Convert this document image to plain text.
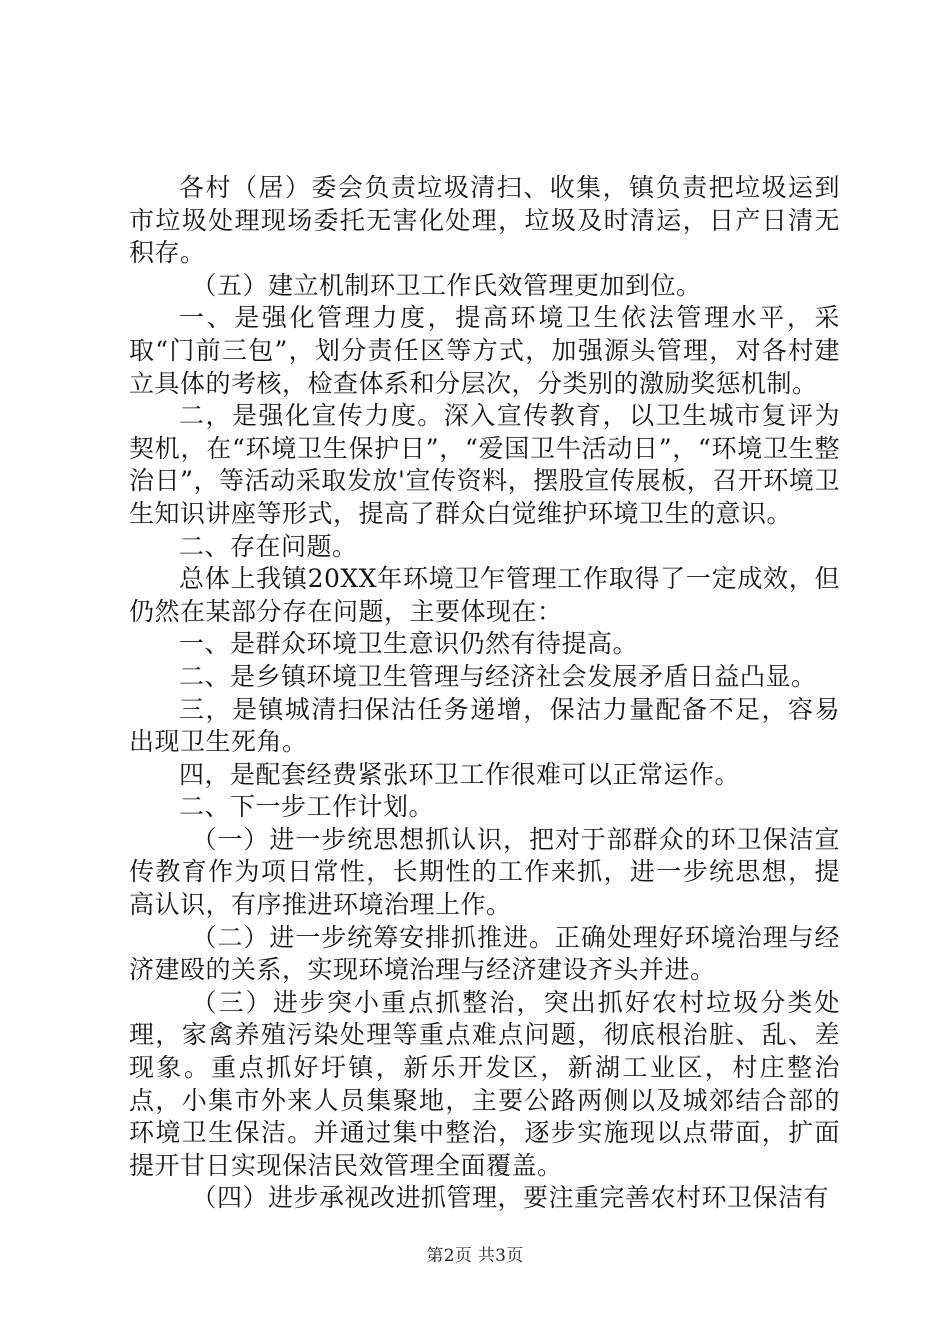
各村（居）委会负责垃圾清扫、收集，镇负责把垃圾运到市垃圾处理现场委托无害化处理，垃圾及时清运，日产日清无积存。

（五）建立机制环卫工作氏效管理更加到位。

一、是强化管理力度，提高环境卫生依法管理水平，采取“门前三包”，划分责任区等方式，加强源头管理，对各村建立具体的考核，检查体系和分层次，分类别的激励奖惩机制。

二，是强化宣传力度。深入宣传教育，以卫生城市复评为契机，在“环境卫生保护日”，“爱国卫牛活动日”，“环境卫生整治日”，等活动采取发放'宣传资料，摆股宣传展板，召开环境卫生知识讲座等形式，提高了群众白觉维护环境卫生的意识。

二、存在问题。

总体上我镇20XX年环境卫乍管理工作取得了一定成效，但仍然在某部分存在问题，主要体现在：

一、是群众环境卫生意识仍然有待提高。

二、是乡镇环境卫生管理与经济社会发展矛盾日益凸显。

三，是镇城清扫保沽任务递增，保沽力量配备不足，容易出现卫生死角。

四，是配套经费紧张环卫工作很难可以正常运作。

二、下一步工作计划。

（一）进一步统思想抓认识，把对于部群众的环卫保洁宣传教育作为项日常性，长期性的工作来抓，进一步统思想，提高认识，有序推进环境治理上作。

（二）进一步统筹安排抓推进。正确处理好环境治理与经济建殴的关系，实现环境治理与经济建设齐头并进。

（三）进步突小重点抓整治，突出抓好农村垃圾分类处理，家禽养殖污染处理等重点难点问题，彻底根治脏、乱、差现象。重点抓好圩镇，新乐开发区，新湖工业区，村庄整治点，小集市外来人员集聚地，主要公路两侧以及城郊结合部的环境卫生保洁。并通过集中整治，逐步实施现以点带面，扩面提开甘日实现保洁民效管理全面覆盖。

（四）进步承视改进抓管理，要注重完善农村环卫保洁有

第2页 共3页
